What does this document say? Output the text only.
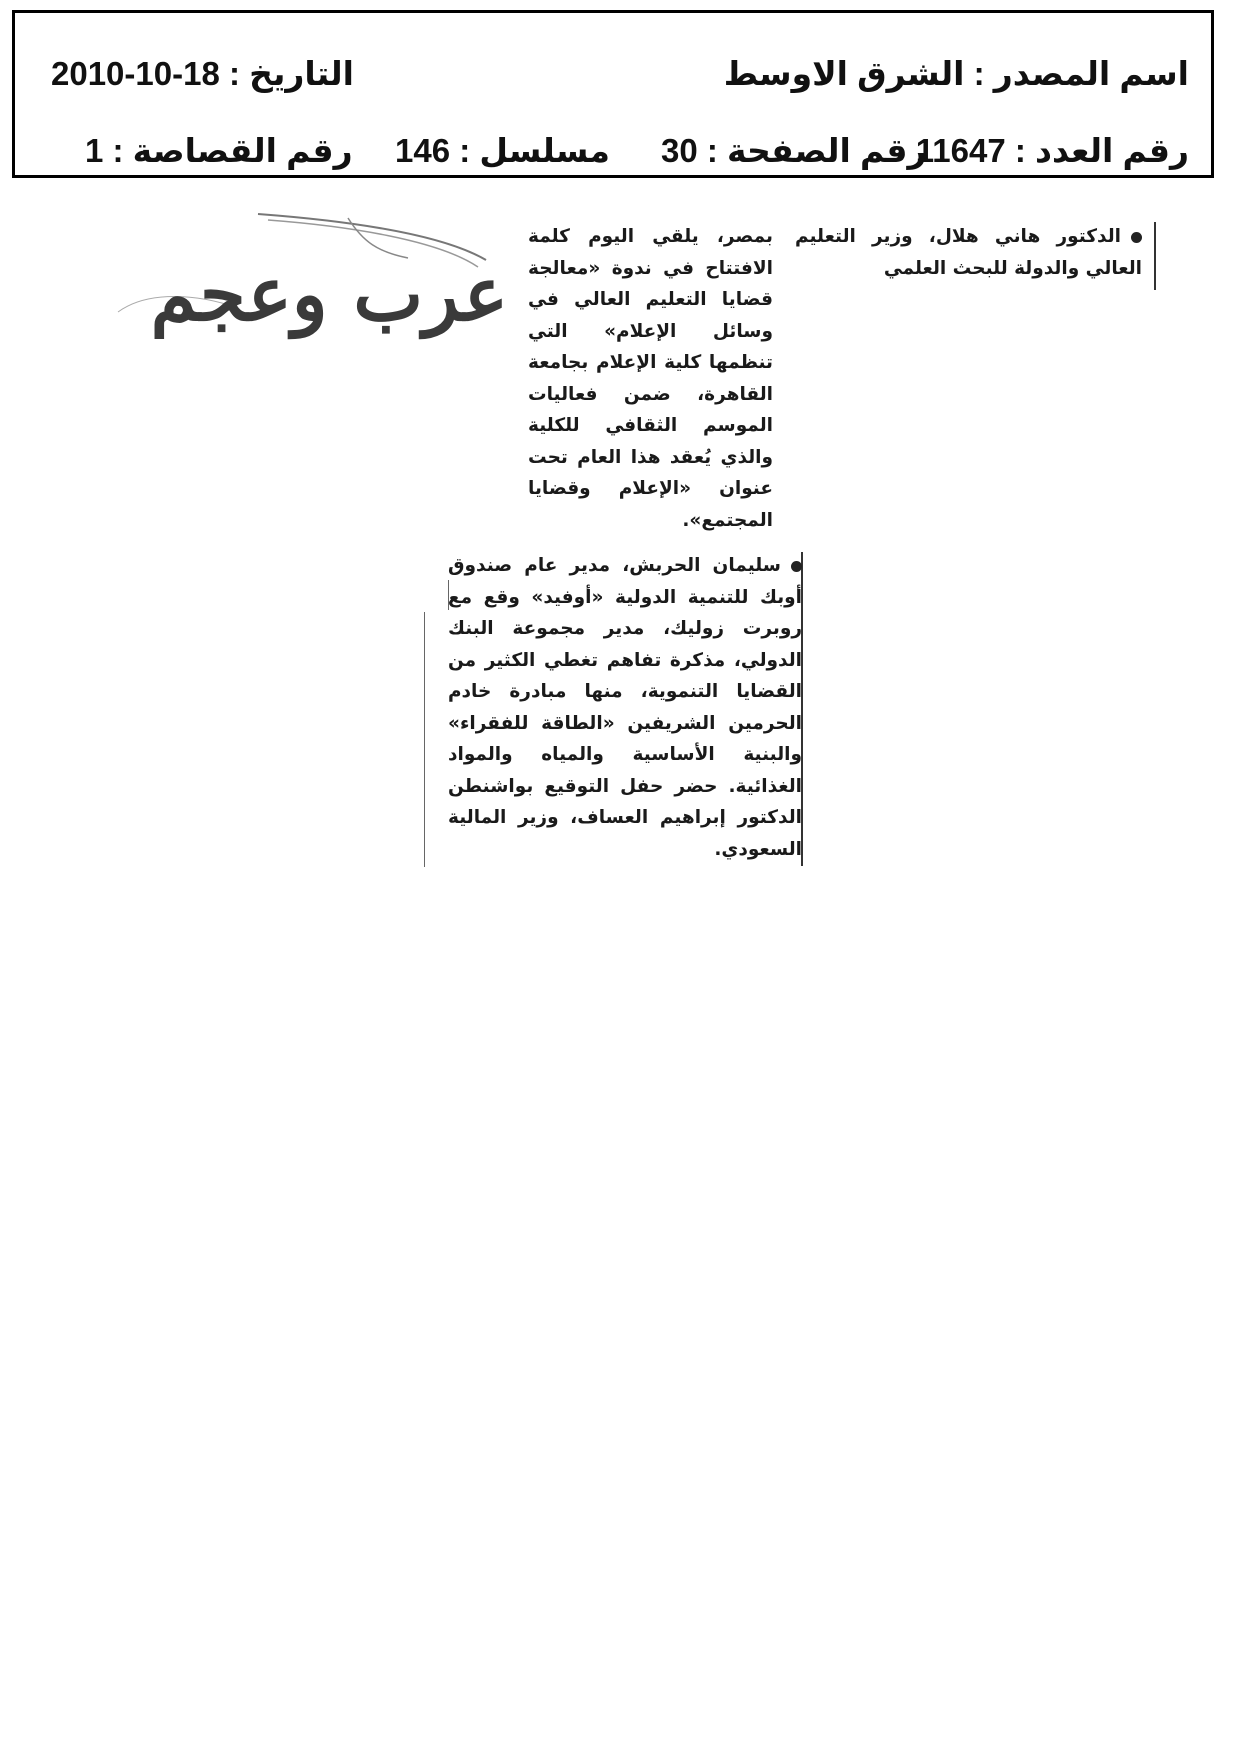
اسم المصدر : الشرق الاوسط
التاريخ : 18-10-2010
رقم العدد : 11647
رقم الصفحة : 30
مسلسل : 146
رقم القصاصة : 1
عرب وعجم

الدكتور هاني هلال، وزير التعليم العالي والدولة للبحث العلمي

بمصر، يلقي اليوم كلمة الافتتاح في ندوة «معالجة قضايا التعليم العالي في وسائل الإعلام» التي تنظمها كلية الإعلام بجامعة القاهرة، ضمن فعاليات الموسم الثقافي للكلية والذي يُعقد هذا العام تحت عنوان «الإعلام وقضايا المجتمع».

سليمان الحربش، مدير عام صندوق أوبك للتنمية الدولية «أوفيد» وقع مع روبرت زوليك، مدير مجموعة البنك الدولي، مذكرة تفاهم تغطي الكثير من القضايا التنموية، منها مبادرة خادم الحرمين الشريفين «الطاقة للفقراء» والبنية الأساسية والمياه والمواد الغذائية. حضر حفل التوقيع بواشنطن الدكتور إبراهيم العساف، وزير المالية السعودي.
